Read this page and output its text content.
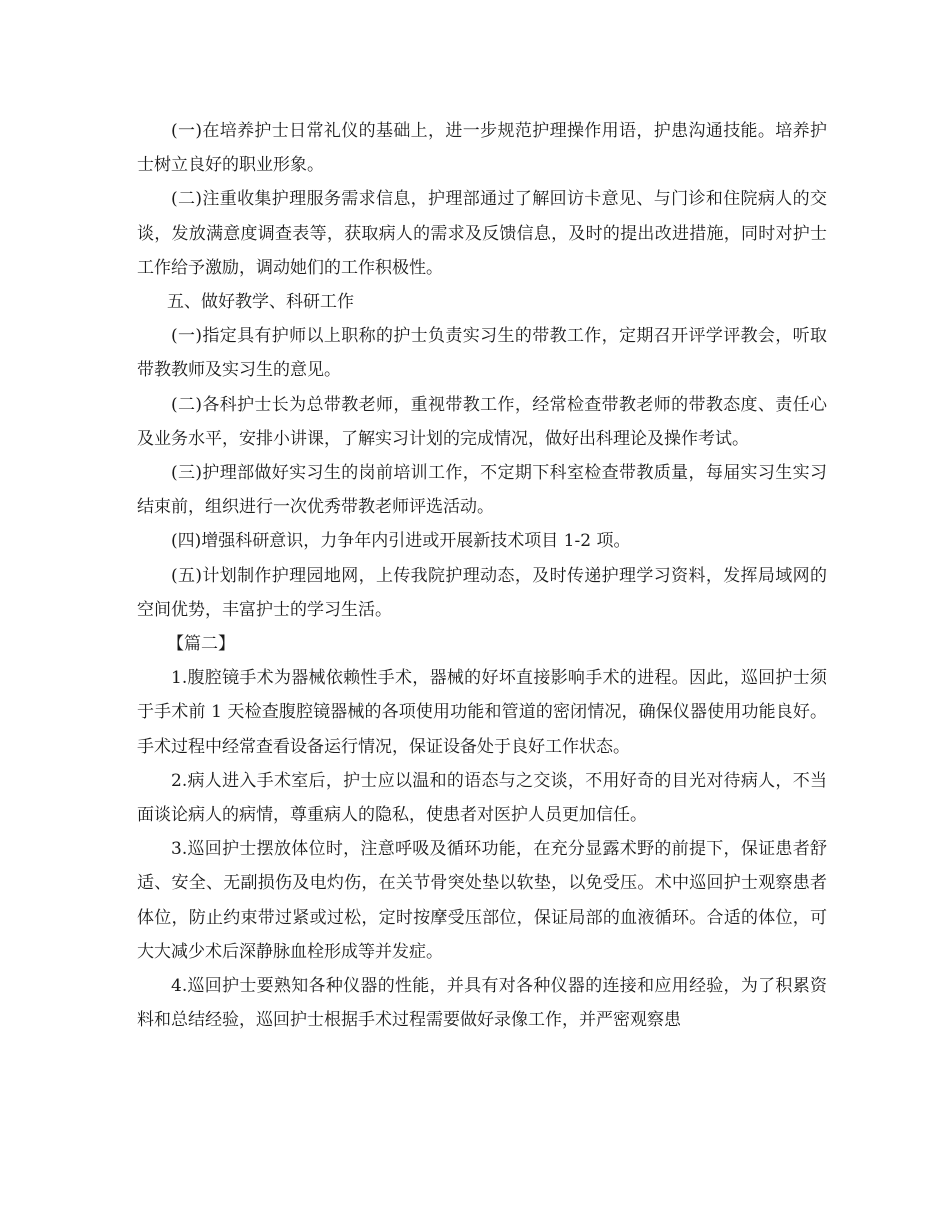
(一)在培养护士日常礼仪的基础上，进一步规范护理操作用语，护患沟通技能。培养护士树立良好的职业形象。

(二)注重收集护理服务需求信息，护理部通过了解回访卡意见、与门诊和住院病人的交谈，发放满意度调查表等，获取病人的需求及反馈信息，及时的提出改进措施，同时对护士工作给予激励，调动她们的工作积极性。

五、做好教学、科研工作

(一)指定具有护师以上职称的护士负责实习生的带教工作，定期召开评学评教会，听取带教教师及实习生的意见。

(二)各科护士长为总带教老师，重视带教工作，经常检查带教老师的带教态度、责任心及业务水平，安排小讲课，了解实习计划的完成情况，做好出科理论及操作考试。

(三)护理部做好实习生的岗前培训工作，不定期下科室检查带教质量，每届实习生实习结束前，组织进行一次优秀带教老师评选活动。

(四)增强科研意识，力争年内引进或开展新技术项目 1-2 项。

(五)计划制作护理园地网，上传我院护理动态，及时传递护理学习资料，发挥局域网的空间优势，丰富护士的学习生活。

【篇二】

1.腹腔镜手术为器械依赖性手术，器械的好坏直接影响手术的进程。因此，巡回护士须于手术前 1 天检查腹腔镜器械的各项使用功能和管道的密闭情况，确保仪器使用功能良好。手术过程中经常查看设备运行情况，保证设备处于良好工作状态。

2.病人进入手术室后，护士应以温和的语态与之交谈，不用好奇的目光对待病人，不当面谈论病人的病情，尊重病人的隐私，使患者对医护人员更加信任。

3.巡回护士摆放体位时，注意呼吸及循环功能，在充分显露术野的前提下，保证患者舒适、安全、无副损伤及电灼伤，在关节骨突处垫以软垫，以免受压。术中巡回护士观察患者体位，防止约束带过紧或过松，定时按摩受压部位，保证局部的血液循环。合适的体位，可大大减少术后深静脉血栓形成等并发症。

4.巡回护士要熟知各种仪器的性能，并具有对各种仪器的连接和应用经验，为了积累资料和总结经验，巡回护士根据手术过程需要做好录像工作，并严密观察患
